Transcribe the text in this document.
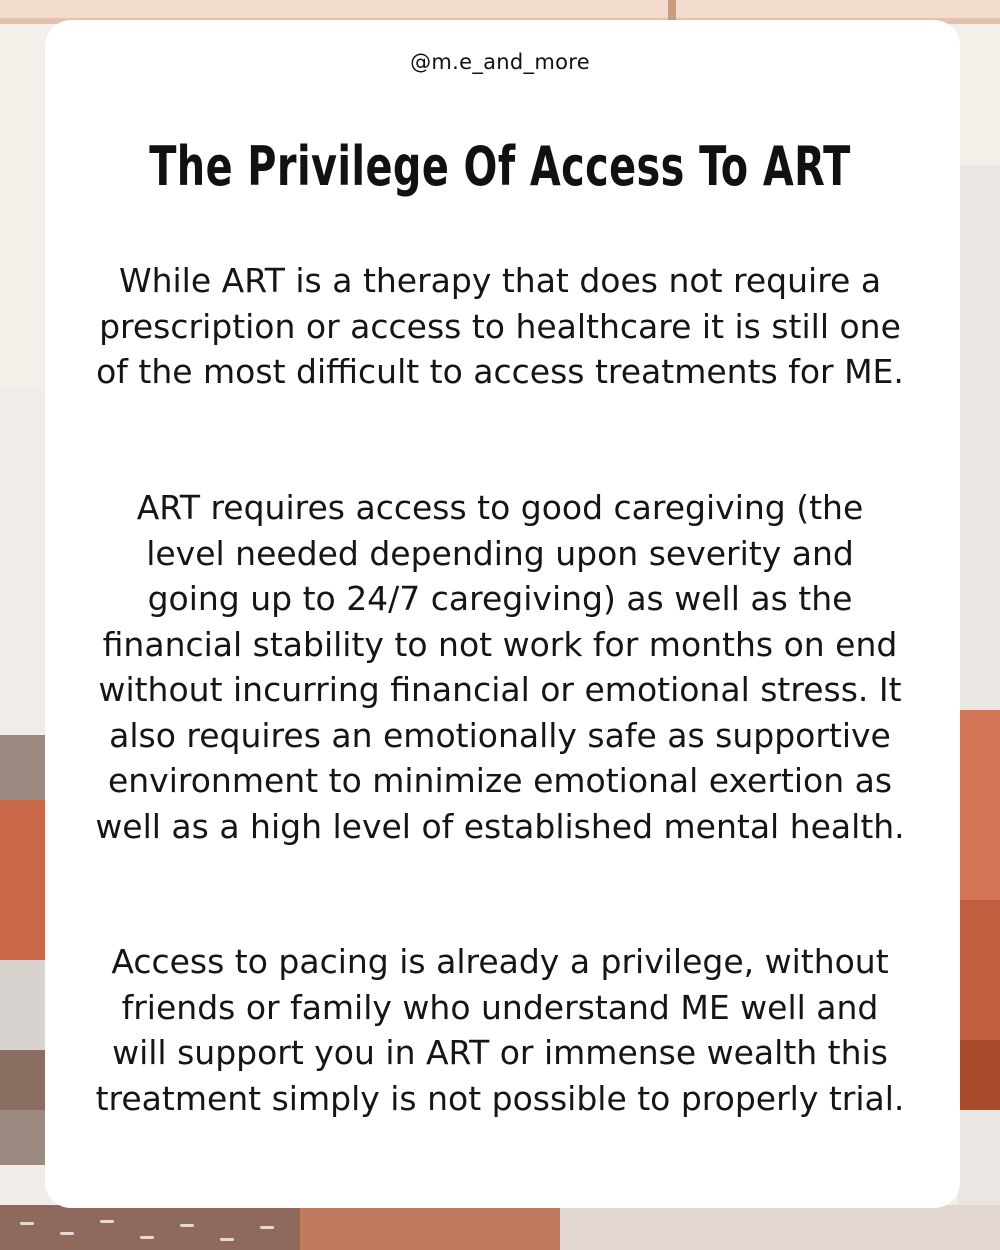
@m.e_and_more
The Privilege Of Access To ART

While ART is a therapy that does not require a prescription or access to healthcare it is still one of the most difficult to access treatments for ME.

ART requires access to good caregiving (the level needed depending upon severity and going up to 24/7 caregiving) as well as the financial stability to not work for months on end without incurring financial or emotional stress. It also requires an emotionally safe as supportive environment to minimize emotional exertion as well as a high level of established mental health.

Access to pacing is already a privilege, without friends or family who understand ME well and will support you in ART or immense wealth this treatment simply is not possible to properly trial.
